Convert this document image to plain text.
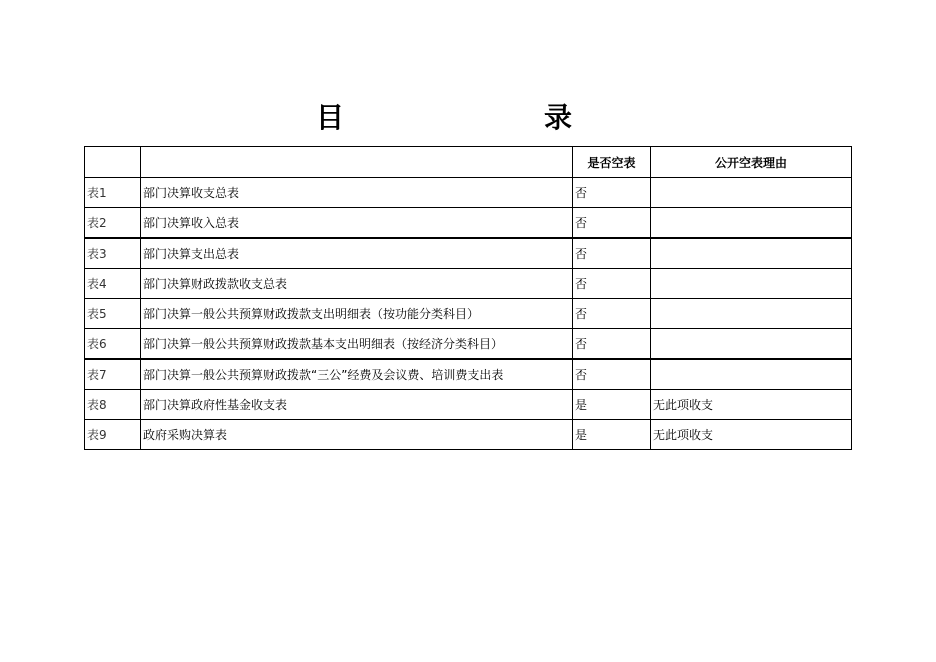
目　　录
		是否空表	公开空表理由
表1	部门决算收支总表	否	
表2	部门决算收入总表	否	
表3	部门决算支出总表	否	
表4	部门决算财政拨款收支总表	否	
表5	部门决算一般公共预算财政拨款支出明细表（按功能分类科目）	否	
表6	部门决算一般公共预算财政拨款基本支出明细表（按经济分类科目）	否	
表7	部门决算一般公共预算财政拨款“三公”经费及会议费、培训费支出表	否	
表8	部门决算政府性基金收支表	是	无此项收支
表9	政府采购决算表	是	无此项收支
